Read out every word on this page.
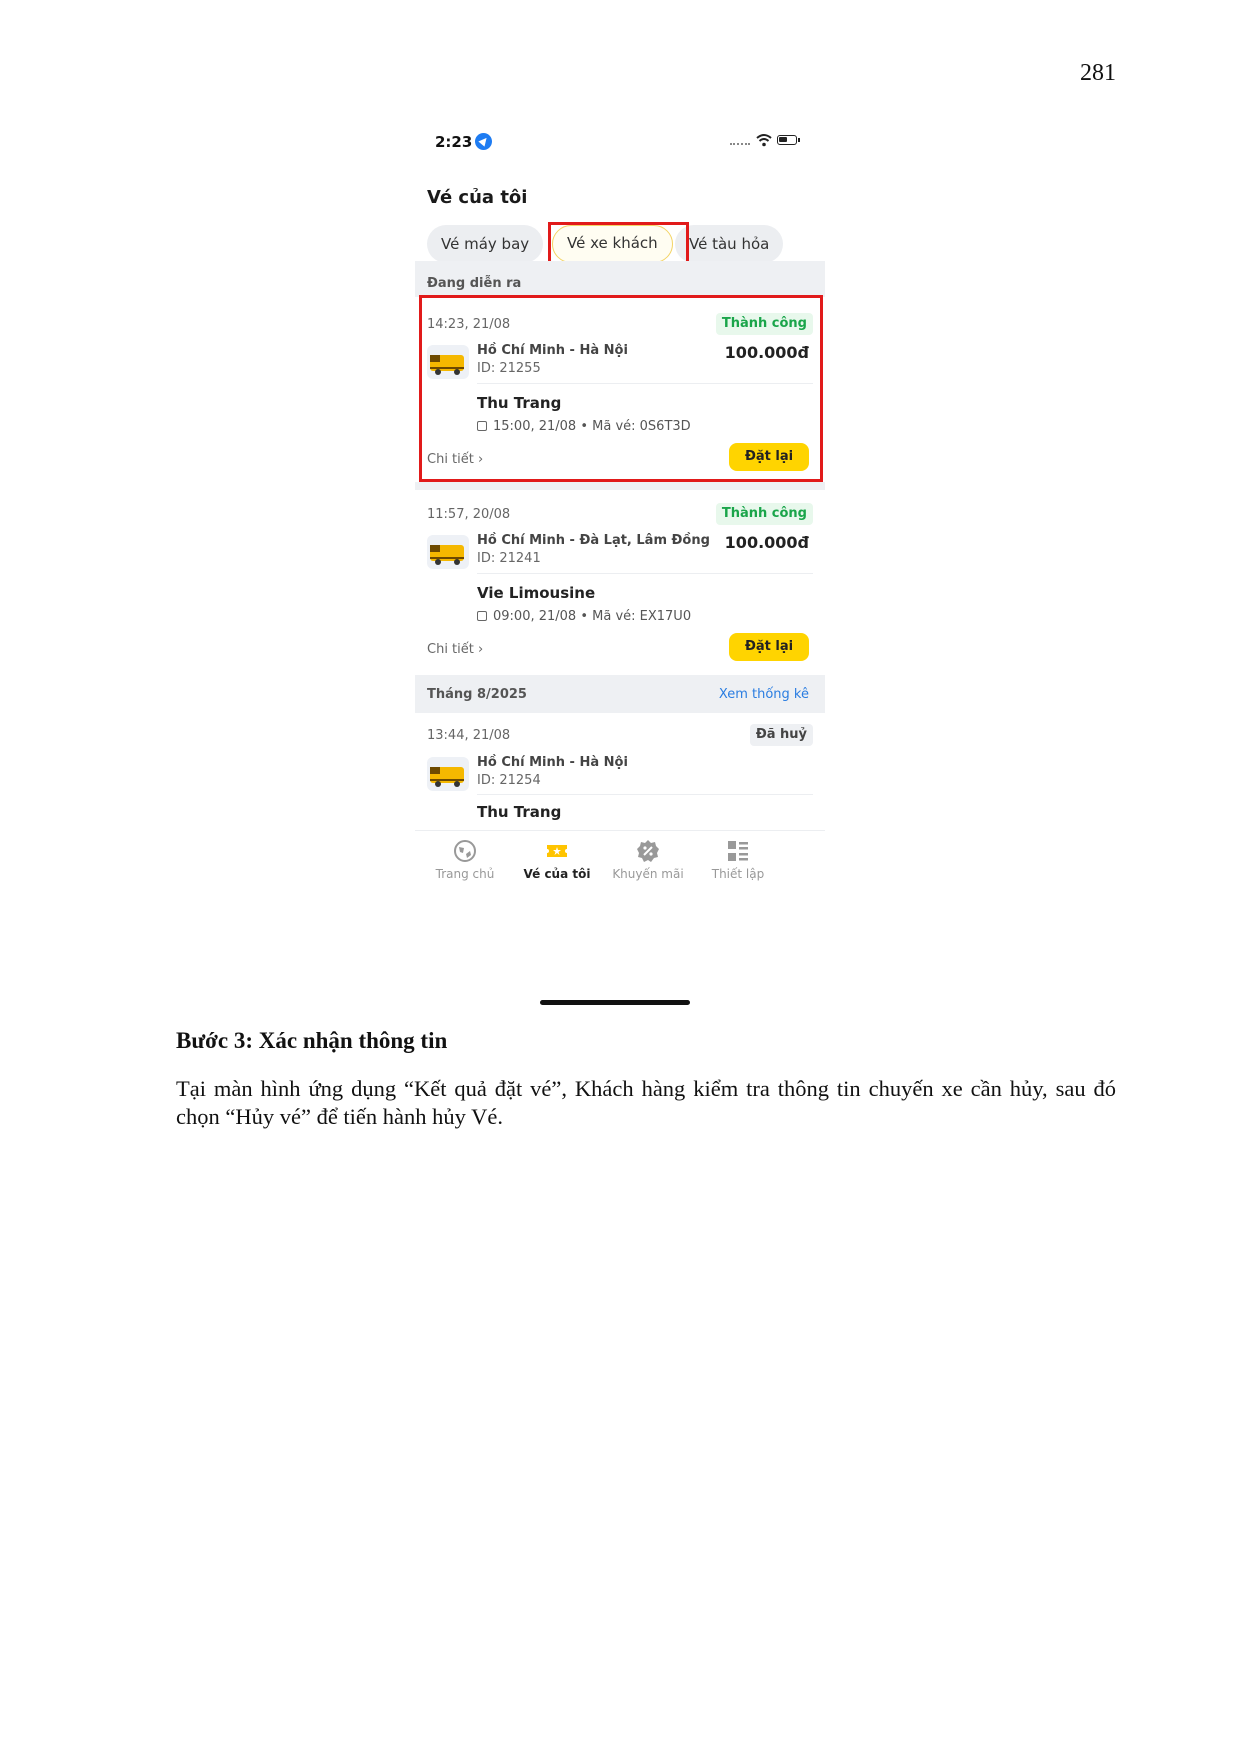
281
2:23
Vé của tôi
Vé máy bay	Vé xe khách	Vé tàu hỏa
Đang diễn ra
14:23, 21/08	Thành công
Hồ Chí Minh - Hà Nội
ID: 21255
100.000đ
Thu Trang
15:00, 21/08 • Mã vé: 0S6T3D
Chi tiết ›	Đặt lại
11:57, 20/08	Thành công
Hồ Chí Minh - Đà Lạt, Lâm Đồng
ID: 21241
100.000đ
Vie Limousine
09:00, 21/08 • Mã vé: EX17U0
Chi tiết ›	Đặt lại
Tháng 8/2025	Xem thống kê
13:44, 21/08	Đã huỷ
Hồ Chí Minh - Hà Nội
ID: 21254
Thu Trang
Trang chủ	Vé của tôi	Khuyến mãi	Thiết lập
Bước 3: Xác nhận thông tin
Tại màn hình ứng dụng “Kết quả đặt vé”, Khách hàng kiểm tra thông tin chuyến xe cần hủy, sau đó chọn “Hủy vé” để tiến hành hủy Vé.
